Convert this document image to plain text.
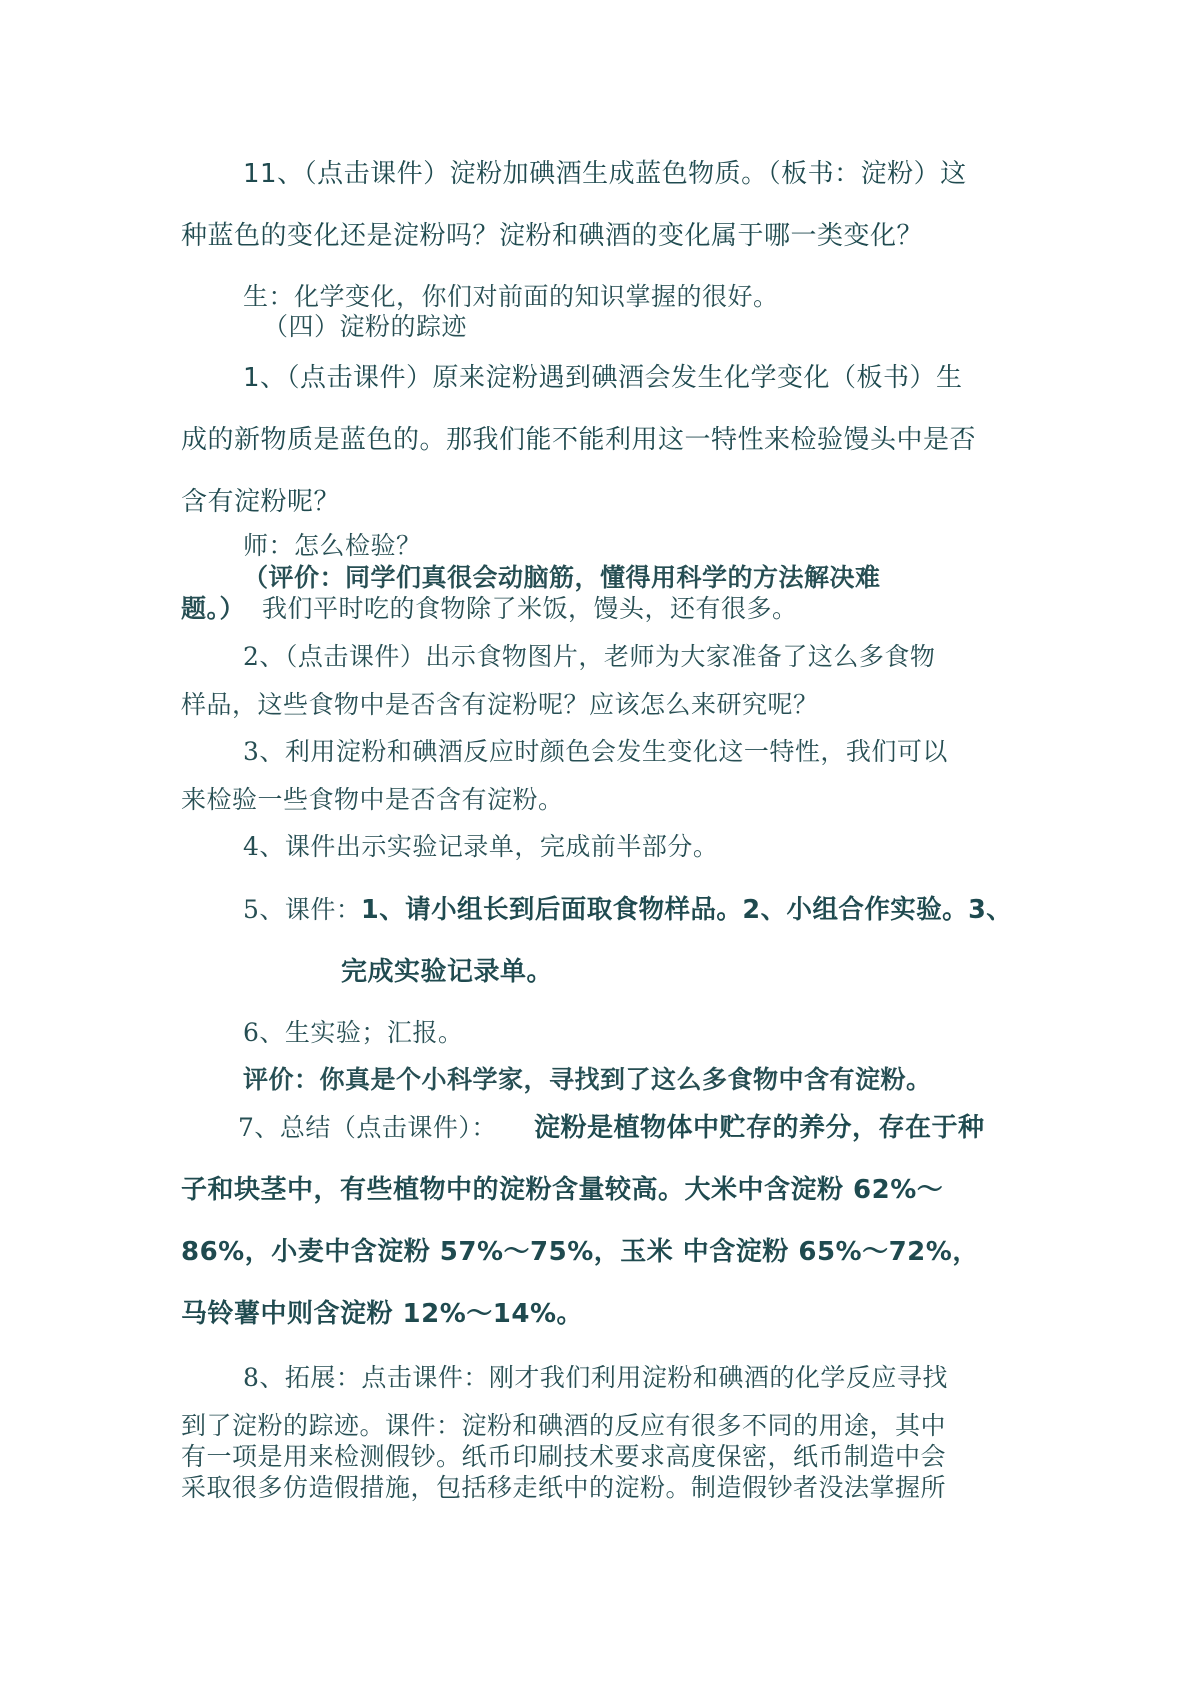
11、（点击课件）淀粉加碘酒生成蓝色物质。（板书：淀粉）这
种蓝色的变化还是淀粉吗？淀粉和碘酒的变化属于哪一类变化？
生：化学变化，你们对前面的知识掌握的很好。
（四）淀粉的踪迹
1、（点击课件）原来淀粉遇到碘酒会发生化学变化（板书）生
成的新物质是蓝色的。那我们能不能利用这一特性来检验馒头中是否
含有淀粉呢？
师：怎么检验？
（评价：同学们真很会动脑筋，懂得用科学的方法解决难
题。） 我们平时吃的食物除了米饭，馒头，还有很多。
2、（点击课件）出示食物图片，老师为大家准备了这么多食物
样品，这些食物中是否含有淀粉呢？应该怎么来研究呢？
3、利用淀粉和碘酒反应时颜色会发生变化这一特性，我们可以
来检验一些食物中是否含有淀粉。
4、课件出示实验记录单，完成前半部分。
5、课件： 1、请小组长到后面取食物样品。2、小组合作实验。3、
完成实验记录单。
6、生实验；汇报。
评价：你真是个小科学家，寻找到了这么多食物中含有淀粉。
7、总结（点击课件）： 淀粉是植物体中贮存的养分，存在于种
子和块茎中，有些植物中的淀粉含量较高。大米中含淀粉 62%～
86%，小麦中含淀粉 57%～75%，玉米 中含淀粉 65%～72%，
马铃薯中则含淀粉 12%～14%。
8、拓展：点击课件：刚才我们利用淀粉和碘酒的化学反应寻找
到了淀粉的踪迹。课件：淀粉和碘酒的反应有很多不同的用途，其中
有一项是用来检测假钞。纸币印刷技术要求高度保密，纸币制造中会
采取很多仿造假措施，包括移走纸中的淀粉。制造假钞者没法掌握所
